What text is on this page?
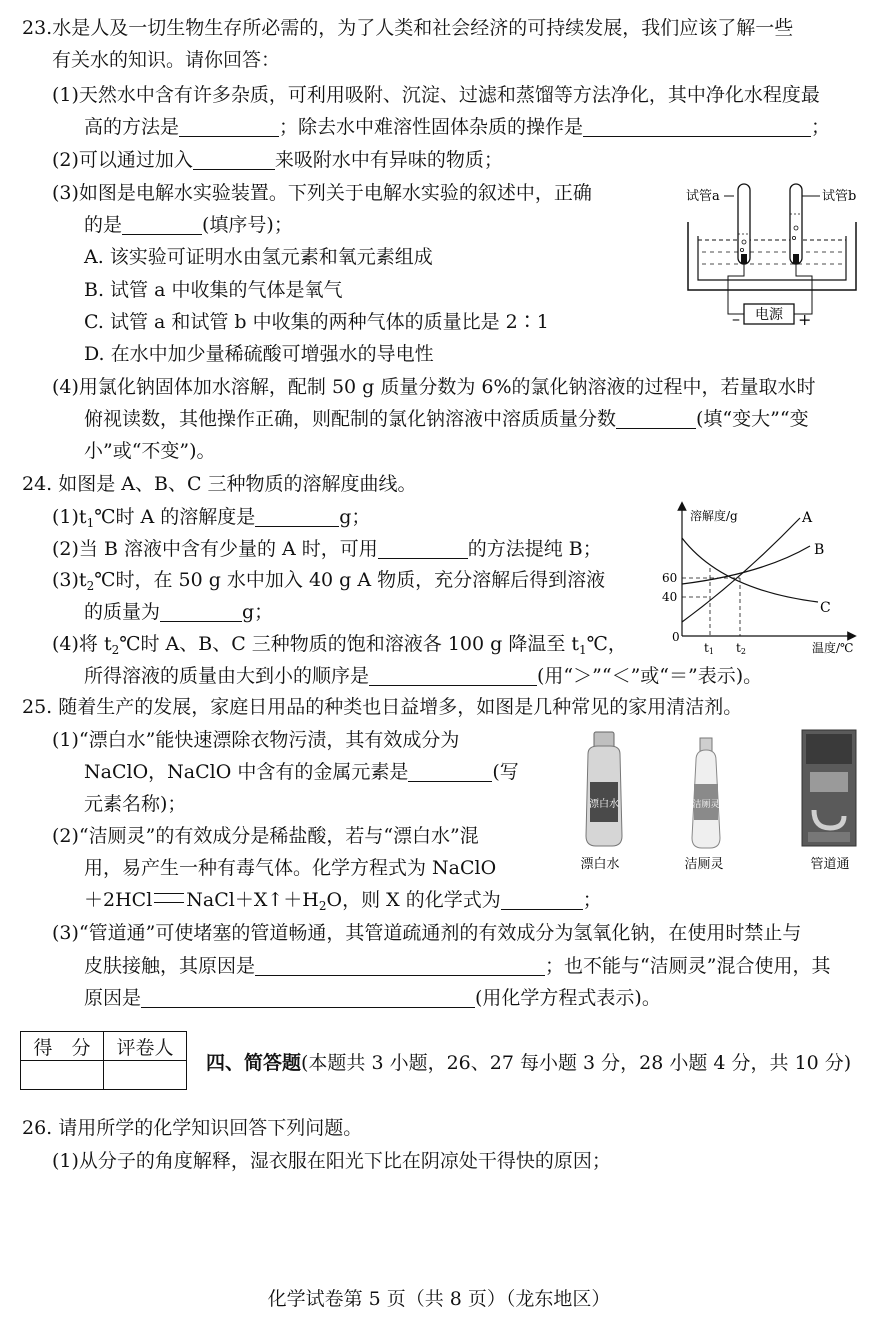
23.水是人及一切生物生存所必需的，为了人类和社会经济的可持续发展，我们应该了解一些
有关水的知识。请你回答：
(1)天然水中含有许多杂质，可利用吸附、沉淀、过滤和蒸馏等方法净化，其中净化水程度最
高的方法是	；除去水中难溶性固体杂质的操作是	；
(2)可以通过加入	来吸附水中有异味的物质；
(3)如图是电解水实验装置。下列关于电解水实验的叙述中，正确
的是	(填序号)；
A. 该实验可证明水由氢元素和氧元素组成
B. 试管 a 中收集的气体是氧气
C. 试管 a 和试管 b 中收集的两种气体的质量比是 2∶1
D. 在水中加少量稀硫酸可增强水的导电性
(4)用氯化钠固体加水溶解，配制 50 g 质量分数为 6%的氯化钠溶液的过程中，若量取水时
俯视读数，其他操作正确，则配制的氯化钠溶液中溶质质量分数	(填“变大”“变
小”或“不变”)。
试管a	试管b
电源
–	+
24. 如图是 A、B、C 三种物质的溶解度曲线。
$(1)t_1℃$时 A 的溶解度是	g；
(2)当 B 溶液中含有少量的 A 时，可用	的方法提纯 B；
$(3)t_2℃$时，在 50 g 水中加入 40 g A 物质，充分溶解后得到溶液
的质量为	g；
(4)将 $t_2℃$时 A、B、C 三种物质的饱和溶液各 100 g 降温至 $t_1℃$，
所得溶液的质量由大到小的顺序是	(用“＞”“＜”或“＝”表示)。
溶解度/g
温度/℃
0
60
40
t1 t2
A
B
C
25. 随着生产的发展，家庭日用品的种类也日益增多，如图是几种常见的家用清洁剂。
(1)“漂白水”能快速漂除衣物污渍，其有效成分为
NaClO，NaClO 中含有的金属元素是	(写
元素名称)；
(2)“洁厕灵”的有效成分是稀盐酸，若与“漂白水”混
用，易产生一种有毒气体。化学方程式为 NaClO
＋2HCl $NaCl+X↑+H_2O$，则 X 的化学式为	；
(3)“管道通”可使堵塞的管道畅通，其管道疏通剂的有效成分为氢氧化钠，在使用时禁止与
皮肤接触，其原因是	；也不能与“洁厕灵”混合使用，其
原因是	(用化学方程式表示)。
漂白水	洁厕灵
漂白水	洁厕灵	管道通
得　分	评卷人

四、简答题(本题共 3 小题，26、27 每小题 3 分，28 小题 4 分，共 10 分)
26. 请用所学的化学知识回答下列问题。
(1)从分子的角度解释，湿衣服在阳光下比在阴凉处干得快的原因；
化学试卷第 5 页（共 8 页）（龙东地区）
